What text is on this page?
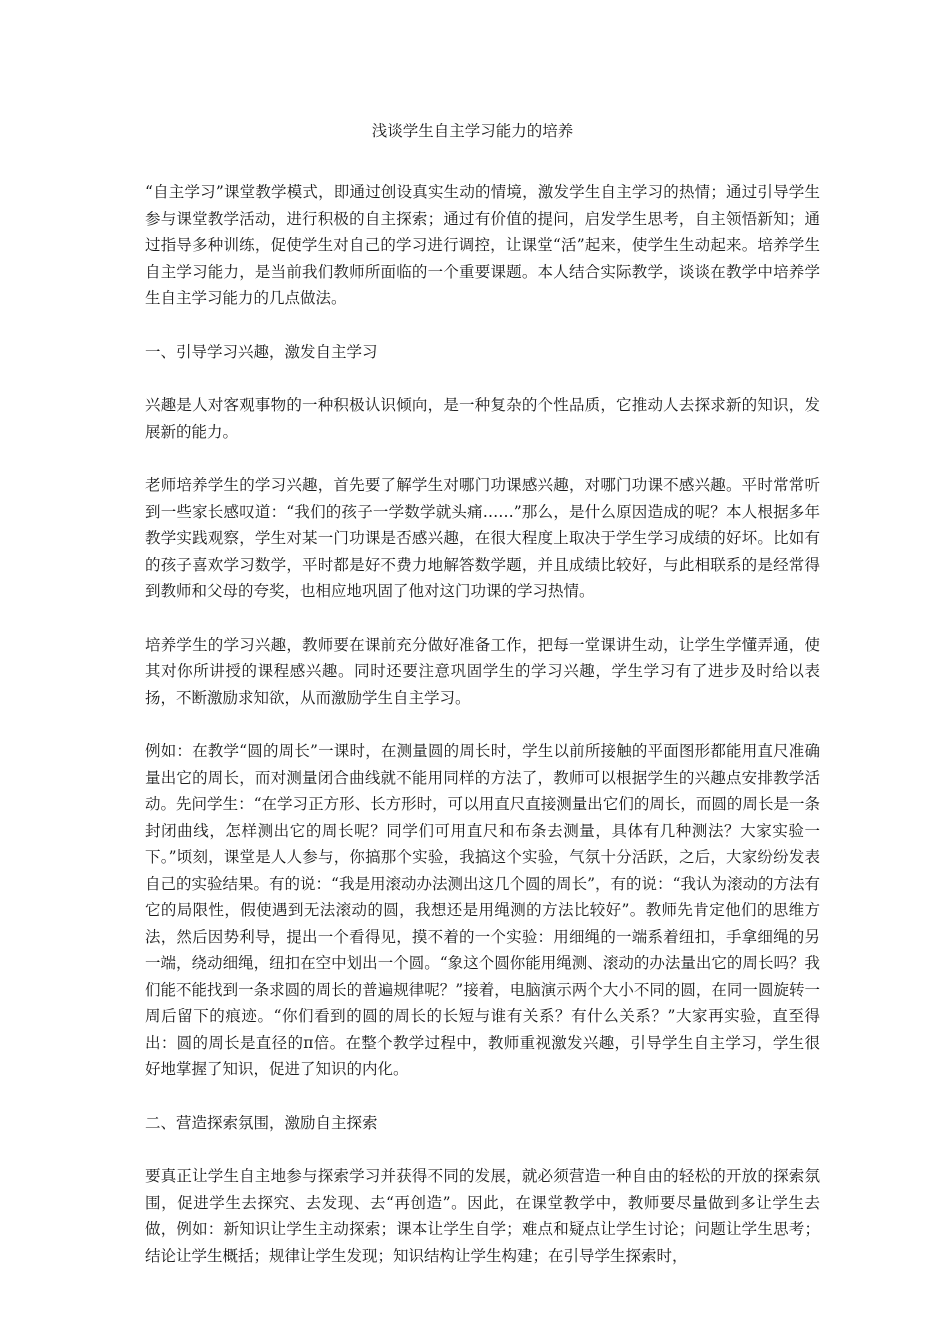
浅谈学生自主学习能力的培养

“自主学习”课堂教学模式，即通过创设真实生动的情境，激发学生自主学习的热情；通过引导学生参与课堂教学活动，进行积极的自主探索；通过有价值的提问，启发学生思考，自主领悟新知；通过指导多种训练，促使学生对自己的学习进行调控，让课堂“活”起来，使学生生动起来。培养学生自主学习能力，是当前我们教师所面临的一个重要课题。本人结合实际教学，谈谈在教学中培养学生自主学习能力的几点做法。

一、引导学习兴趣，激发自主学习

兴趣是人对客观事物的一种积极认识倾向，是一种复杂的个性品质，它推动人去探求新的知识，发展新的能力。

老师培养学生的学习兴趣，首先要了解学生对哪门功课感兴趣，对哪门功课不感兴趣。平时常常听到一些家长感叹道：“我们的孩子一学数学就头痛……”那么，是什么原因造成的呢？本人根据多年教学实践观察，学生对某一门功课是否感兴趣，在很大程度上取决于学生学习成绩的好坏。比如有的孩子喜欢学习数学，平时都是好不费力地解答数学题，并且成绩比较好，与此相联系的是经常得到教师和父母的夸奖，也相应地巩固了他对这门功课的学习热情。

培养学生的学习兴趣，教师要在课前充分做好准备工作，把每一堂课讲生动，让学生学懂弄通，使其对你所讲授的课程感兴趣。同时还要注意巩固学生的学习兴趣，学生学习有了进步及时给以表扬，不断激励求知欲，从而激励学生自主学习。

例如：在教学“圆的周长”一课时，在测量圆的周长时，学生以前所接触的平面图形都能用直尺准确量出它的周长，而对测量闭合曲线就不能用同样的方法了，教师可以根据学生的兴趣点安排教学活动。先问学生：“在学习正方形、长方形时，可以用直尺直接测量出它们的周长，而圆的周长是一条封闭曲线，怎样测出它的周长呢？同学们可用直尺和布条去测量，具体有几种测法？大家实验一下。”顷刻，课堂是人人参与，你搞那个实验，我搞这个实验，气氛十分活跃，之后，大家纷纷发表自己的实验结果。有的说：“我是用滚动办法测出这几个圆的周长”，有的说：“我认为滚动的方法有它的局限性，假使遇到无法滚动的圆，我想还是用绳测的方法比较好”。教师先肯定他们的思维方法，然后因势利导，提出一个看得见，摸不着的一个实验：用细绳的一端系着纽扣，手拿细绳的另一端，绕动细绳，纽扣在空中划出一个圆。“象这个圆你能用绳测、滚动的办法量出它的周长吗？我们能不能找到一条求圆的周长的普遍规律呢？”接着，电脑演示两个大小不同的圆，在同一圆旋转一周后留下的痕迹。“你们看到的圆的周长的长短与谁有关系？有什么关系？”大家再实验，直至得出：圆的周长是直径的π倍。在整个教学过程中，教师重视激发兴趣，引导学生自主学习，学生很好地掌握了知识，促进了知识的内化。

二、营造探索氛围，激励自主探索

要真正让学生自主地参与探索学习并获得不同的发展，就必须营造一种自由的轻松的开放的探索氛围，促进学生去探究、去发现、去“再创造”。因此，在课堂教学中，教师要尽量做到多让学生去做，例如：新知识让学生主动探索；课本让学生自学；难点和疑点让学生讨论；问题让学生思考；结论让学生概括；规律让学生发现；知识结构让学生构建；在引导学生探索时，
